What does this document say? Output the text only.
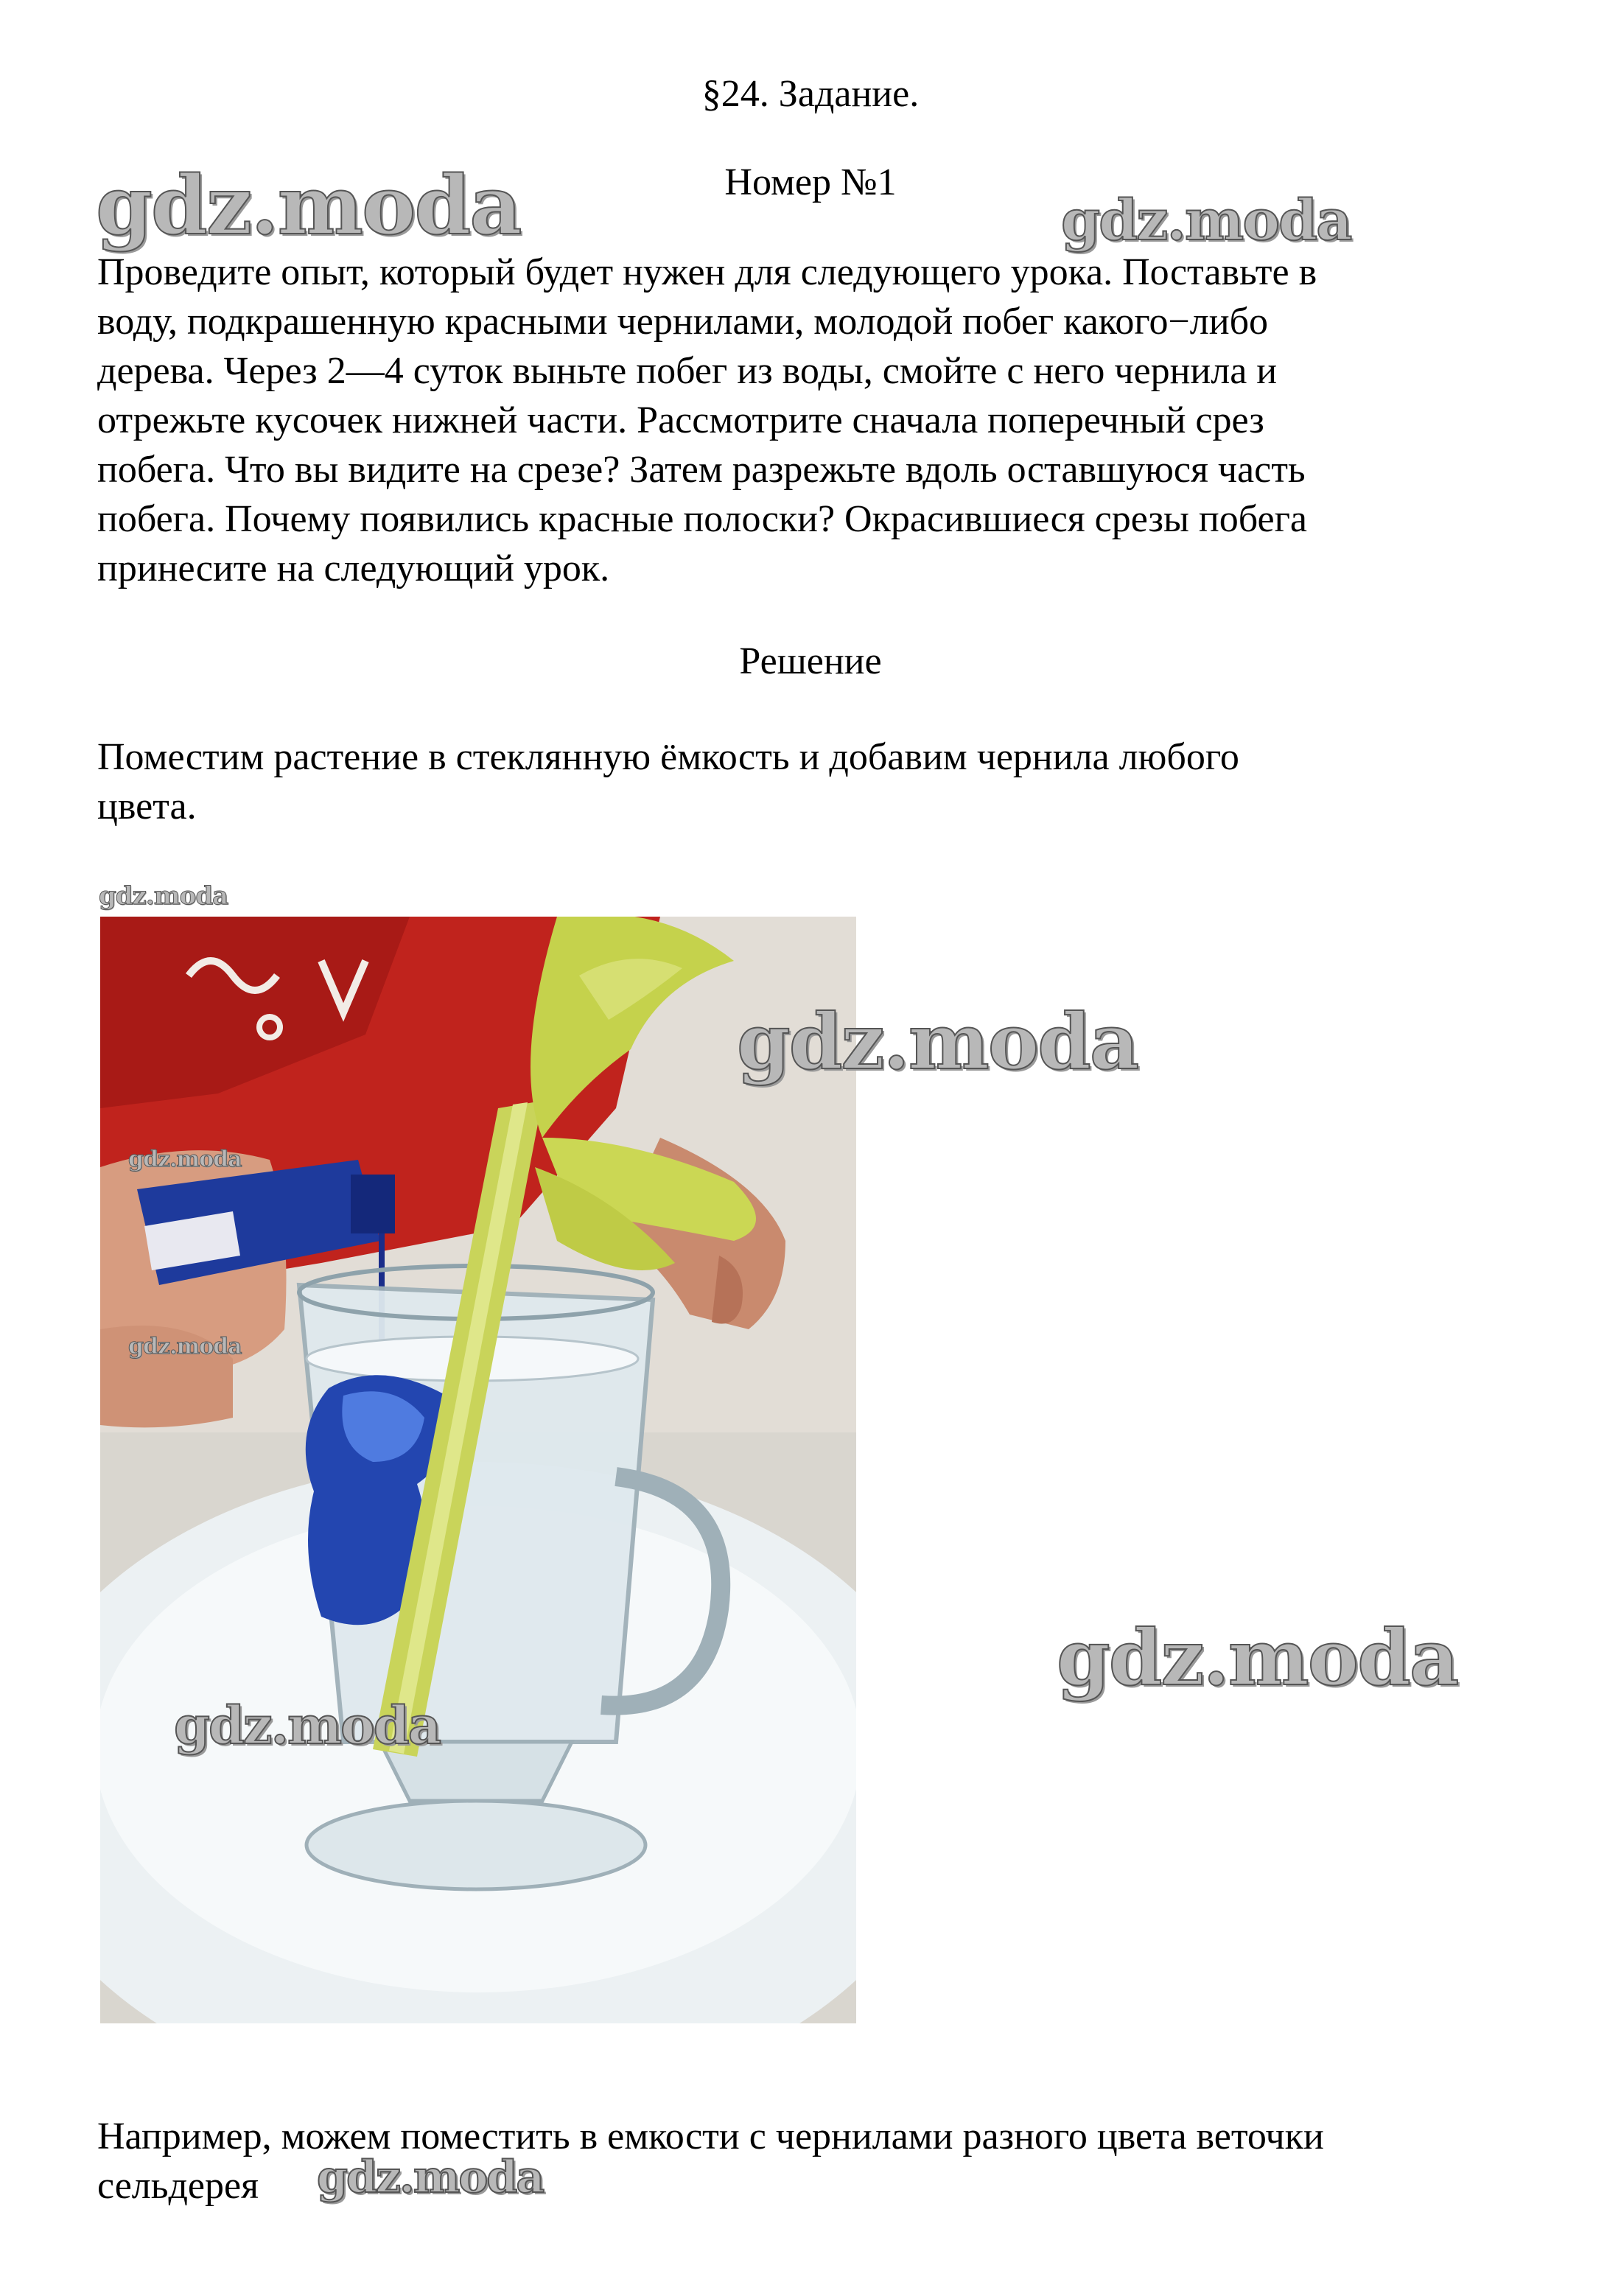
§24. Задание.
Номер №1
Проведите опыт, который будет нужен для следующего урока. Поставьте в
воду, подкрашенную красными чернилами, молодой побег какого−либо
дерева. Через 2—4 суток выньте побег из воды, смойте с него чернила и
отрежьте кусочек нижней части. Рассмотрите сначала поперечный срез
побега. Что вы видите на срезе? Затем разрежьте вдоль оставшуюся часть
побега. Почему появились красные полоски? Окрасившиеся срезы побега
принесите на следующий урок.
Решение
Поместим растение в стеклянную ёмкость и добавим чернила любого
цвета.
Например, можем поместить в емкости с чернилами разного цвета веточки
сельдерея
gdz.moda	gdz.moda
gdz.moda
gdz.moda
gdz.moda
gdz.moda
gdz.moda
gdz.moda
gdz.moda
